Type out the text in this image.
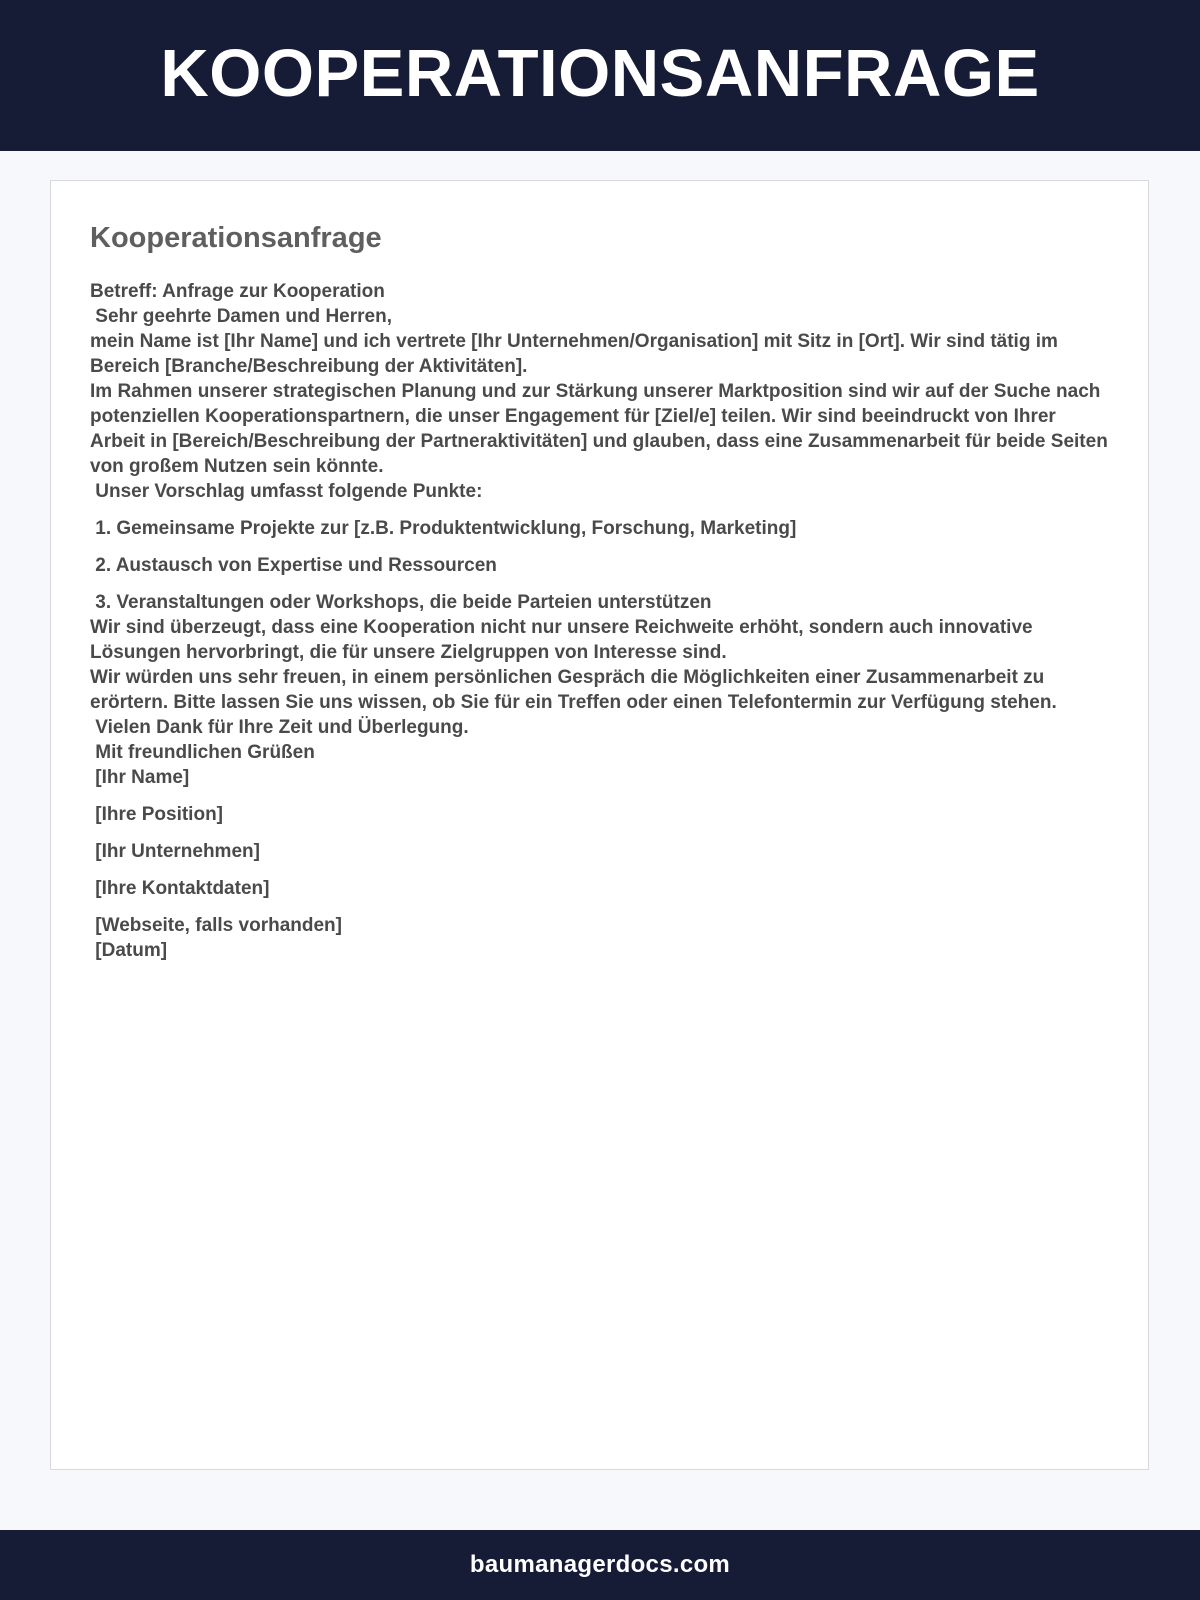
KOOPERATIONSANFRAGE
Kooperationsanfrage
Betreff: Anfrage zur Kooperation
Sehr geehrte Damen und Herren,
mein Name ist [Ihr Name] und ich vertrete [Ihr Unternehmen/Organisation] mit Sitz in [Ort]. Wir sind tätig im Bereich [Branche/Beschreibung der Aktivitäten].
Im Rahmen unserer strategischen Planung und zur Stärkung unserer Marktposition sind wir auf der Suche nach potenziellen Kooperationspartnern, die unser Engagement für [Ziel/e] teilen. Wir sind beeindruckt von Ihrer Arbeit in [Bereich/Beschreibung der Partneraktivitäten] und glauben, dass eine Zusammenarbeit für beide Seiten von großem Nutzen sein könnte.
Unser Vorschlag umfasst folgende Punkte:
1. Gemeinsame Projekte zur [z.B. Produktentwicklung, Forschung, Marketing]
2. Austausch von Expertise und Ressourcen
3. Veranstaltungen oder Workshops, die beide Parteien unterstützen
Wir sind überzeugt, dass eine Kooperation nicht nur unsere Reichweite erhöht, sondern auch innovative Lösungen hervorbringt, die für unsere Zielgruppen von Interesse sind.
Wir würden uns sehr freuen, in einem persönlichen Gespräch die Möglichkeiten einer Zusammenarbeit zu erörtern. Bitte lassen Sie uns wissen, ob Sie für ein Treffen oder einen Telefontermin zur Verfügung stehen.
Vielen Dank für Ihre Zeit und Überlegung.
Mit freundlichen Grüßen
[Ihr Name]
[Ihre Position]
[Ihr Unternehmen]
[Ihre Kontaktdaten]
[Webseite, falls vorhanden]
[Datum]
baumanagerdocs.com
